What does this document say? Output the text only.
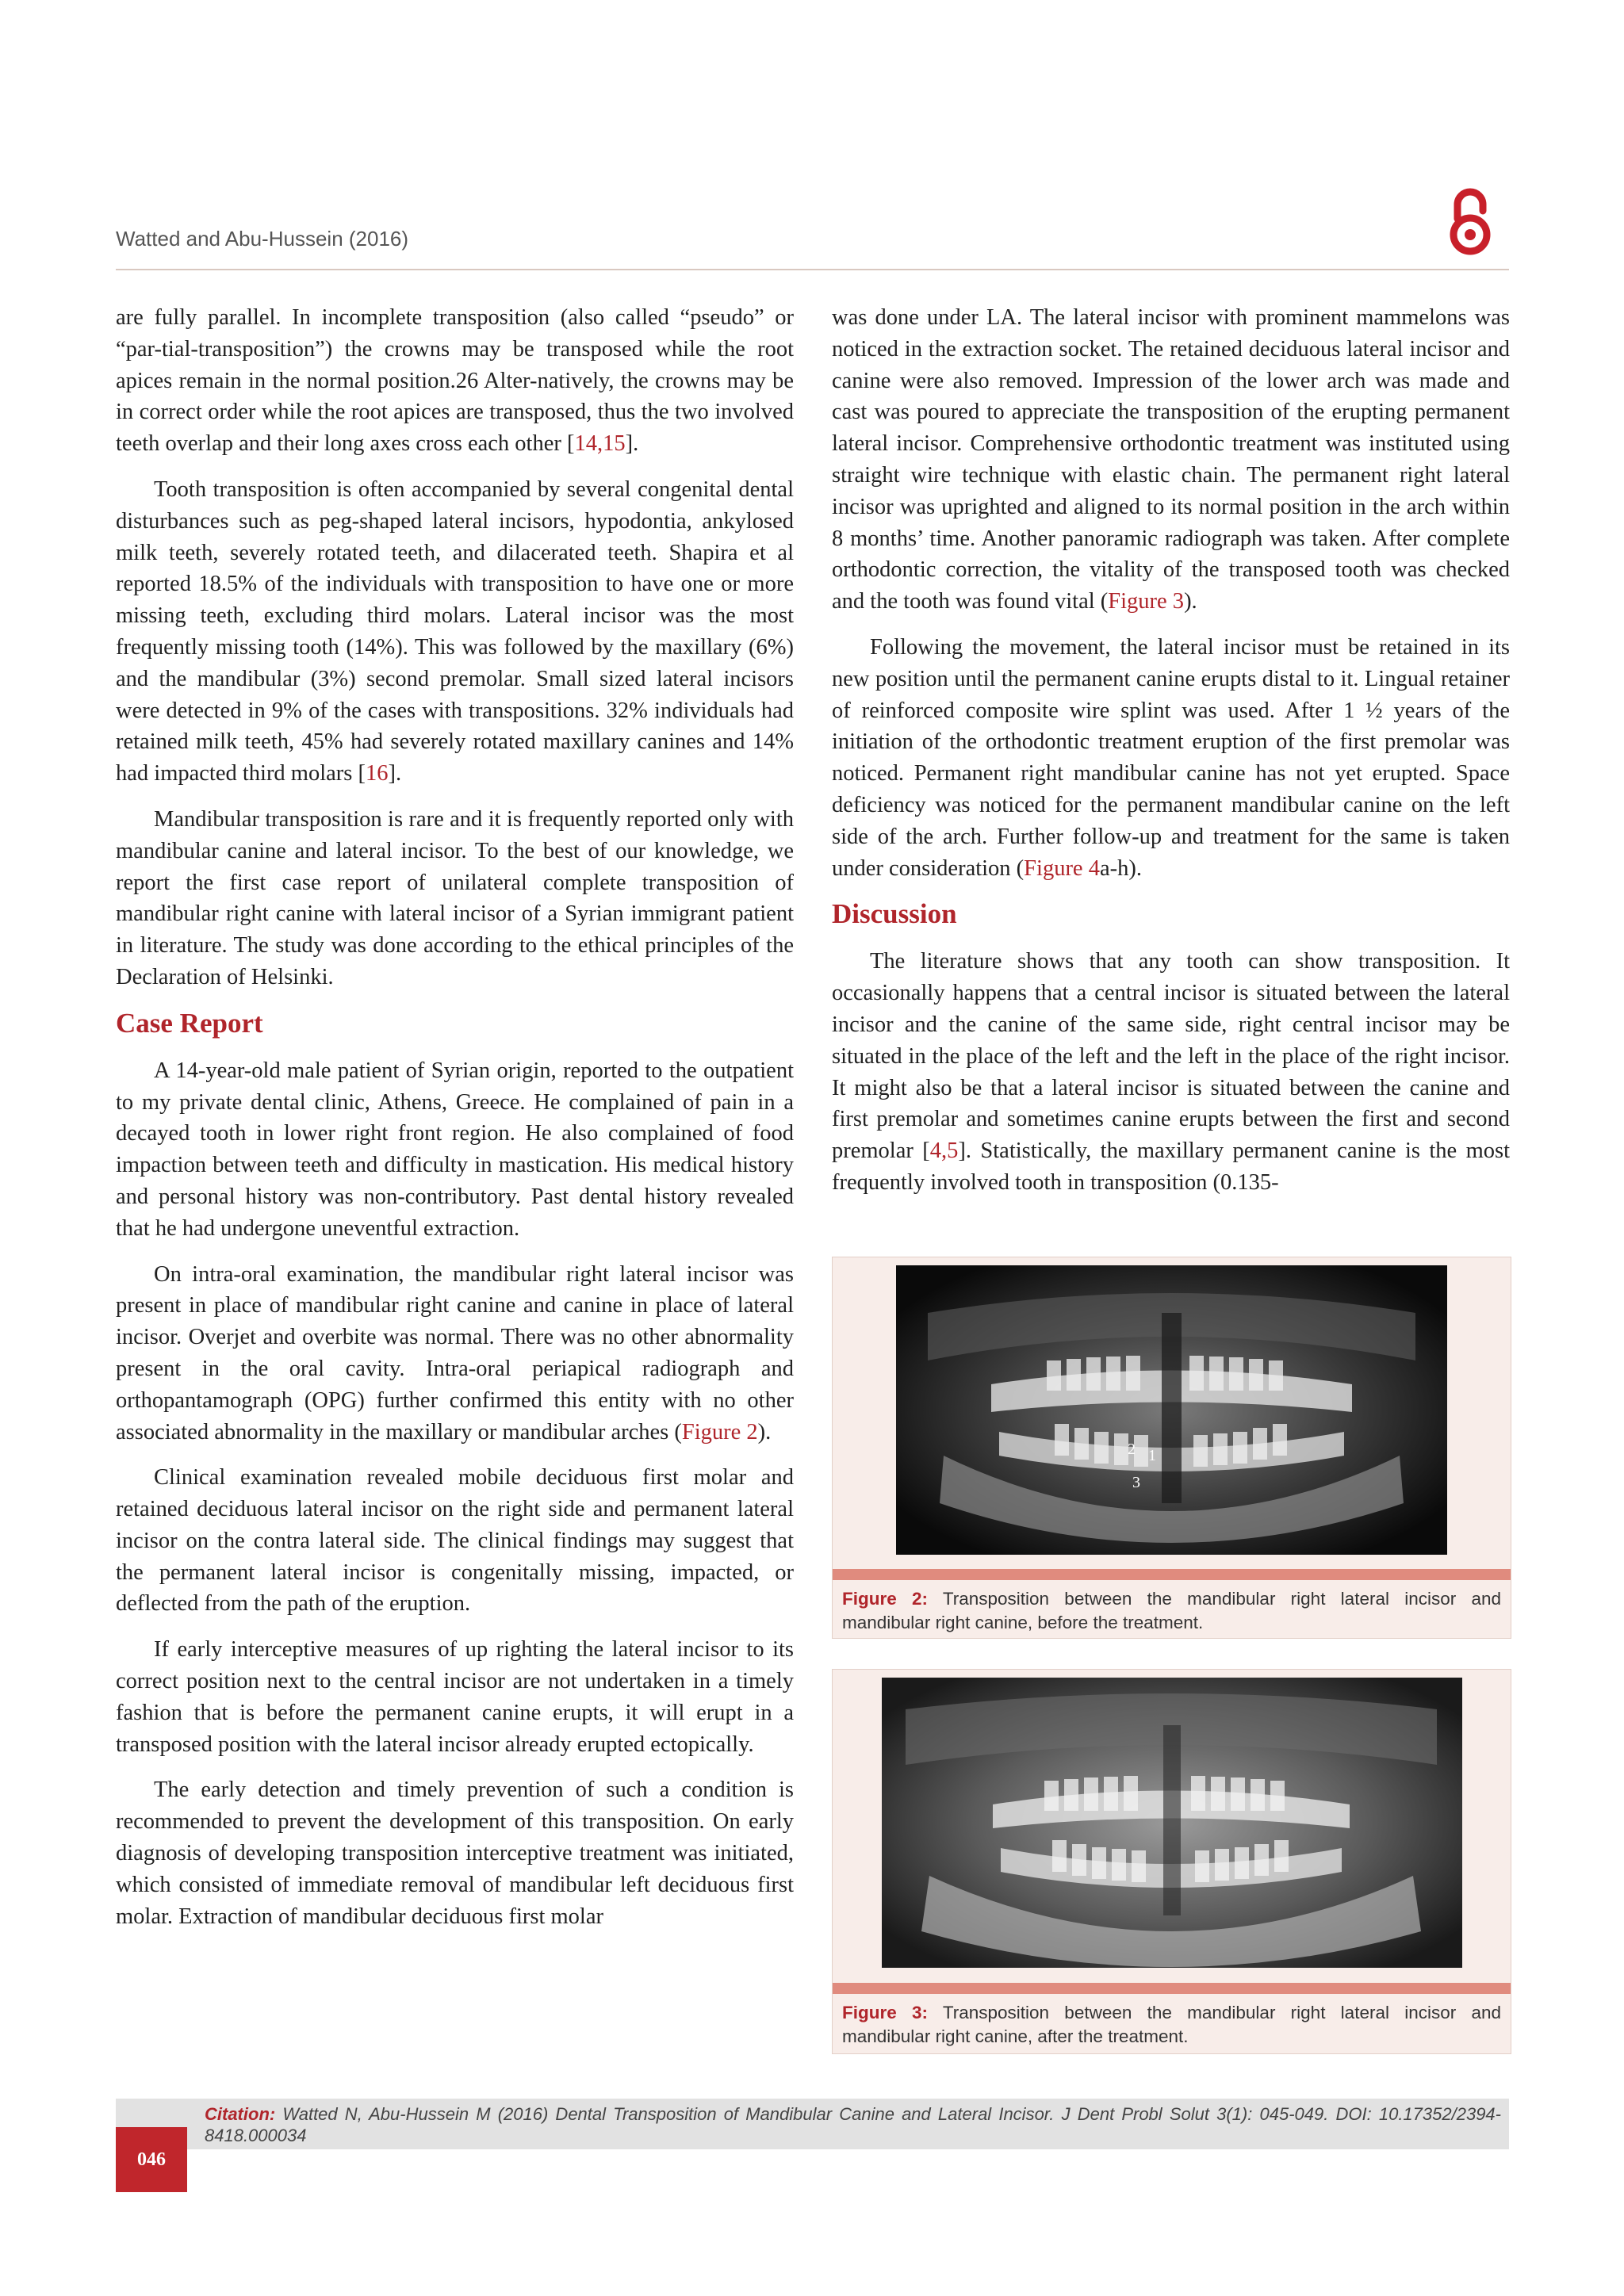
Watted and Abu-Hussein (2016)

are fully parallel. In incomplete transposition (also called “pseudo” or “par-tial-transposition”) the crowns may be transposed while the root apices remain in the normal position.26 Alter-natively, the crowns may be in correct order while the root apices are transposed, thus the two involved teeth overlap and their long axes cross each other [14,15].

Tooth transposition is often accompanied by several congenital dental disturbances such as peg-shaped lateral incisors, hypodontia, ankylosed milk teeth, severely rotated teeth, and dilacerated teeth. Shapira et al reported 18.5% of the individuals with transposition to have one or more missing teeth, excluding third molars. Lateral incisor was the most frequently missing tooth (14%). This was followed by the maxillary (6%) and the mandibular (3%) second premolar. Small sized lateral incisors were detected in 9% of the cases with transpositions. 32% individuals had retained milk teeth, 45% had severely rotated maxillary canines and 14% had impacted third molars [16].

Mandibular transposition is rare and it is frequently reported only with mandibular canine and lateral incisor. To the best of our knowledge, we report the first case report of unilateral complete transposition of mandibular right canine with lateral incisor of a Syrian immigrant patient in literature. The study was done according to the ethical principles of the Declaration of Helsinki.

Case Report

A 14-year-old male patient of Syrian origin, reported to the outpatient to my private dental clinic, Athens, Greece. He complained of pain in a decayed tooth in lower right front region. He also complained of food impaction between teeth and difficulty in mastication. His medical history and personal history was non-contributory. Past dental history revealed that he had undergone uneventful extraction.

On intra-oral examination, the mandibular right lateral incisor was present in place of mandibular right canine and canine in place of lateral incisor. Overjet and overbite was normal. There was no other abnormality present in the oral cavity. Intra-oral periapical radiograph and orthopantamograph (OPG) further confirmed this entity with no other associated abnormality in the maxillary or mandibular arches (Figure 2).

Clinical examination revealed mobile deciduous first molar and retained deciduous lateral incisor on the right side and permanent lateral incisor on the contra lateral side. The clinical findings may suggest that the permanent lateral incisor is congenitally missing, impacted, or deflected from the path of the eruption.

If early interceptive measures of up righting the lateral incisor to its correct position next to the central incisor are not undertaken in a timely fashion that is before the permanent canine erupts, it will erupt in a transposed position with the lateral incisor already erupted ectopically.

The early detection and timely prevention of such a condition is recommended to prevent the development of this transposition. On early diagnosis of developing transposition interceptive treatment was initiated, which consisted of immediate removal of mandibular left deciduous first molar. Extraction of mandibular deciduous first molar

was done under LA. The lateral incisor with prominent mammelons was noticed in the extraction socket. The retained deciduous lateral incisor and canine were also removed. Impression of the lower arch was made and cast was poured to appreciate the transposition of the erupting permanent lateral incisor. Comprehensive orthodontic treatment was instituted using straight wire technique with elastic chain. The permanent right lateral incisor was uprighted and aligned to its normal position in the arch within 8 months’ time. Another panoramic radiograph was taken. After complete orthodontic correction, the vitality of the transposed tooth was checked and the tooth was found vital (Figure 3).

Following the movement, the lateral incisor must be retained in its new position until the permanent canine erupts distal to it. Lingual retainer of reinforced composite wire splint was used. After 1 ½ years of the initiation of the orthodontic treatment eruption of the first premolar was noticed. Permanent right mandibular canine has not yet erupted. Space deficiency was noticed for the permanent mandibular canine on the left side of the arch. Further follow-up and treatment for the same is taken under consideration (Figure 4a-h).

Discussion

The literature shows that any tooth can show transposition. It occasionally happens that a central incisor is situated between the lateral incisor and the canine of the same side, right central incisor may be situated in the place of the left and the left in the place of the right incisor. It might also be that a lateral incisor is situated between the canine and first premolar and sometimes canine erupts between the first and second premolar [4,5]. Statistically, the maxillary permanent canine is the most frequently involved tooth in transposition (0.135-

2 1
3
Figure 2: Transposition between the mandibular right lateral incisor and mandibular right canine, before the treatment.
Figure 3: Transposition between the mandibular right lateral incisor and mandibular right canine, after the treatment.
Citation: Watted N, Abu-Hussein M (2016) Dental Transposition of Mandibular Canine and Lateral Incisor. J Dent Probl Solut 3(1): 045-049. DOI: 10.17352/2394-8418.000034
046
